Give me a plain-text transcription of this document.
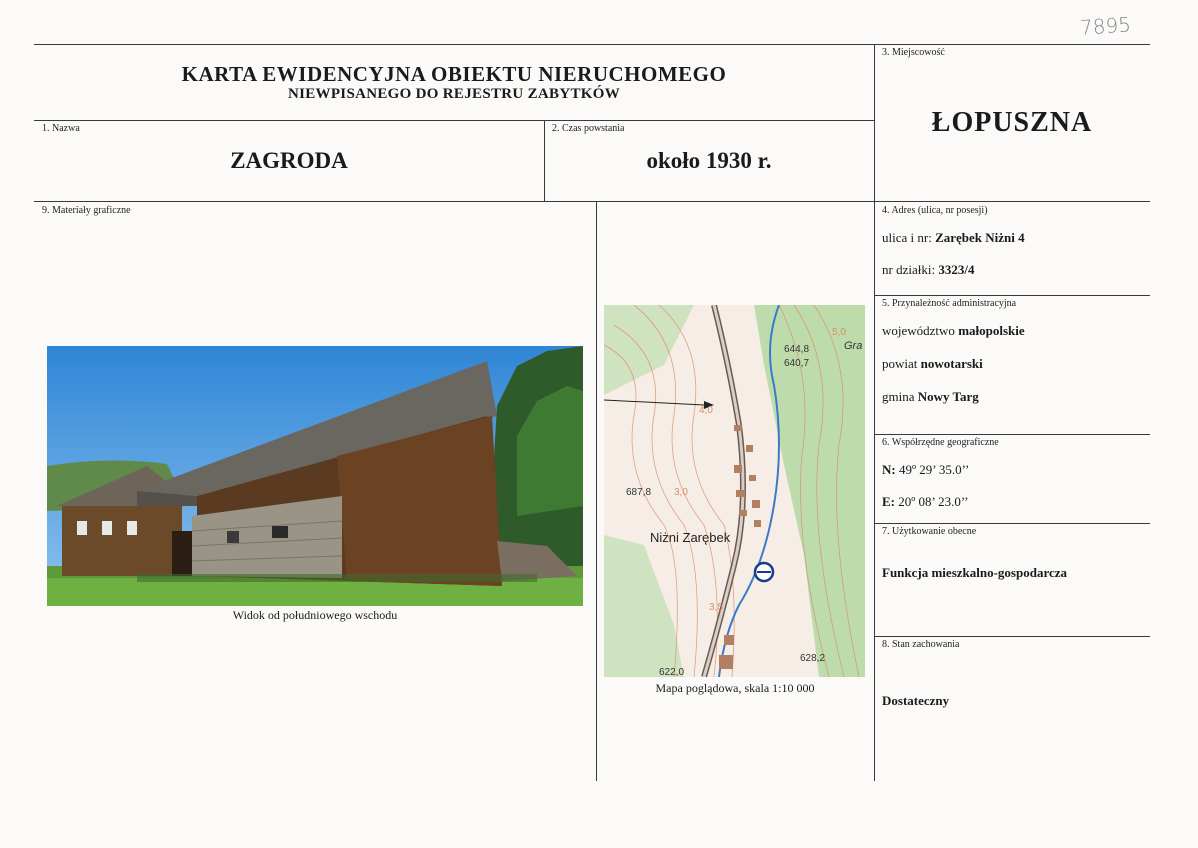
7895
KARTA EWIDENCYJNA OBIEKTU NIERUCHOMEGO
NIEWPISANEGO DO REJESTRU ZABYTKÓW
1. Nazwa
ZAGRODA
2. Czas powstania
około 1930 r.
3. Miejscowość
ŁOPUSZNA
4. Adres (ulica, nr posesji)
ulica i nr: Zarębek Niżni 4
nr działki: 3323/4
5. Przynależność administracyjna
województwo małopolskie
powiat nowotarski
gmina Nowy Targ
6. Współrzędne geograficzne
N: 49º 29’ 35.0’’
E: 20º 08’ 23.0’’
7. Użytkowanie obecne
Funkcja mieszkalno-gospodarcza
8. Stan zachowania
Dostateczny
9. Materiały graficzne
Widok od południowego wschodu
644,8
640,7
Gra
687,8
Niżni Zarębek
628,2
622,0
4,0
3,0
3,5
5,0
Mapa poglądowa, skala 1:10 000
